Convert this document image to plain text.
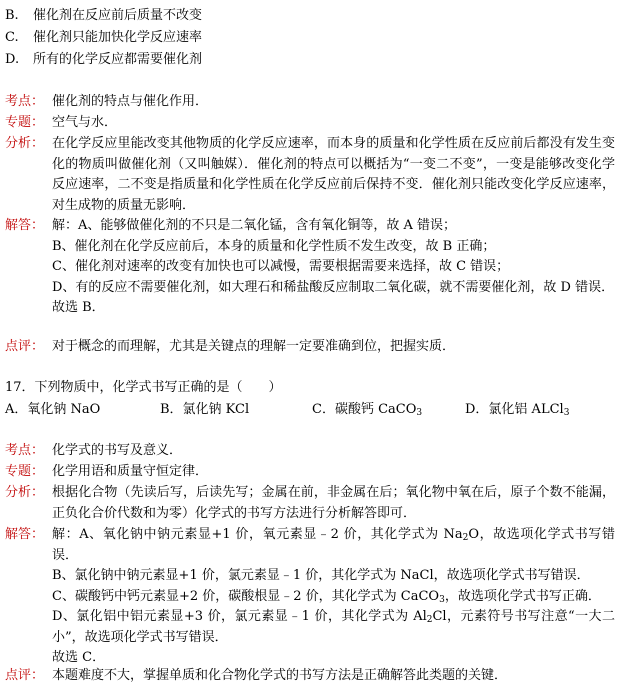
B. 催化剂在反应前后质量不改变
C. 催化剂只能加快化学反应速率
D. 所有的化学反应都需要催化剂
考点： 催化剂的特点与催化作用．
专题： 空气与水．
分析： 在化学反应里能改变其他物质的化学反应速率，而本身的质量和化学性质在反应前后都没有发生变化的物质叫做催化剂（又叫触媒）．催化剂的特点可以概括为“一变二不变”，一变是能够改变化学反应速率，二不变是指质量和化学性质在化学反应前后保持不变．催化剂只能改变化学反应速率，对生成物的质量无影响．
解答： 解：A、能够做催化剂的不只是二氧化锰，含有氧化铜等，故 A 错误；
B、催化剂在化学反应前后，本身的质量和化学性质不发生改变，故 B 正确；
C、催化剂对速率的改变有加快也可以减慢，需要根据需要来选择，故 C 错误；
D、有的反应不需要催化剂，如大理石和稀盐酸反应制取二氧化碳，就不需要催化剂，故 D 错误．
故选 B．
点评： 对于概念的而理解，尤其是关键点的理解一定要准确到位，把握实质．
17．下列物质中，化学式书写正确的是（　　）
A．氧化钠 NaO	B．氯化钠 KCl	C．碳酸钙 CaCO$_3$	D．氯化铝 ALCl$_3$
考点： 化学式的书写及意义．
专题： 化学用语和质量守恒定律．
分析： 根据化合物（先读后写，后读先写；金属在前，非金属在后；氧化物中氧在后，原子个数不能漏，正负化合价代数和为零）化学式的书写方法进行分析解答即可．
解答： 解：A、氧化钠中钠元素显+1 价，氧元素显﹣2 价，其化学式为 $Na_2O$，故选项化学式书写错误．

B、氯化钠中钠元素显+1 价，氯元素显﹣1 价，其化学式为 NaCl，故选项化学式书写错误．

C、碳酸钙中钙元素显+2 价，碳酸根显﹣2 价，其化学式为 CaCO$_3$，故选项化学式书写正确．

D、氯化铝中铝元素显+3 价，氯元素显﹣1 价，其化学式为 $Al_2Cl$，元素符号书写注意“一大二小”，故选项化学式书写错误．

故选 C．

点评： 本题难度不大，掌握单质和化合物化学式的书写方法是正确解答此类题的关键．
